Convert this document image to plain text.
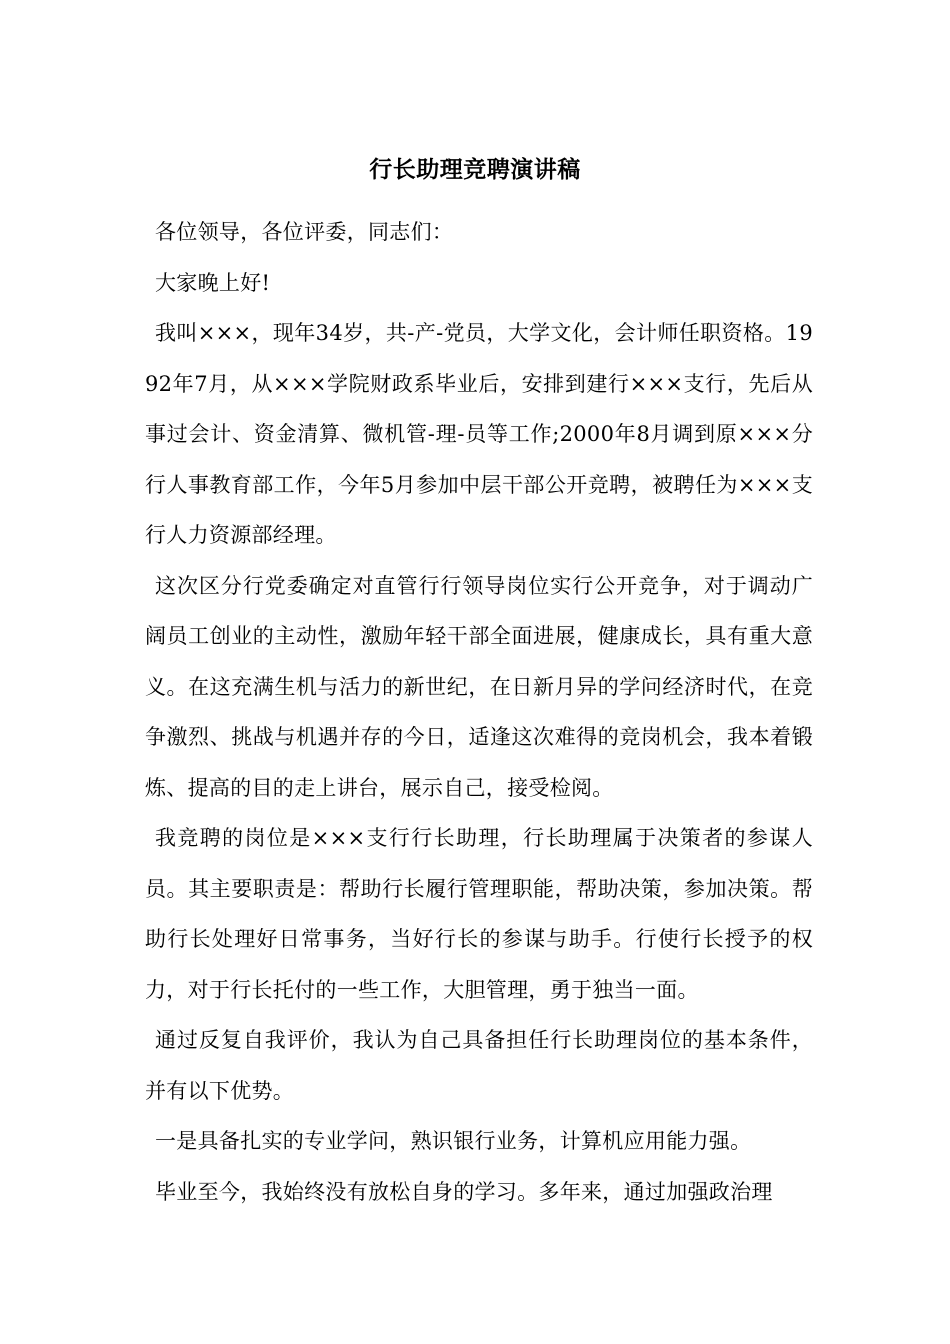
行长助理竞聘演讲稿

各位领导，各位评委，同志们：

大家晚上好!

我叫×××，现年34岁，共-产-党员，大学文化，会计师任职资格。1992年7月，从×××学院财政系毕业后，安排到建行×××支行，先后从事过会计、资金清算、微机管-理-员等工作;2000年8月调到原×××分行人事教育部工作，今年5月参加中层干部公开竞聘，被聘任为×××支行人力资源部经理。

这次区分行党委确定对直管行行领导岗位实行公开竞争，对于调动广阔员工创业的主动性，激励年轻干部全面进展，健康成长，具有重大意义。在这充满生机与活力的新世纪，在日新月异的学问经济时代，在竞争激烈、挑战与机遇并存的今日，适逢这次难得的竞岗机会，我本着锻炼、提高的目的走上讲台，展示自己，接受检阅。

我竞聘的岗位是×××支行行长助理，行长助理属于决策者的参谋人员。其主要职责是：帮助行长履行管理职能，帮助决策，参加决策。帮助行长处理好日常事务，当好行长的参谋与助手。行使行长授予的权力，对于行长托付的一些工作，大胆管理，勇于独当一面。

通过反复自我评价，我认为自己具备担任行长助理岗位的基本条件，并有以下优势。

一是具备扎实的专业学问，熟识银行业务，计算机应用能力强。

毕业至今，我始终没有放松自身的学习。多年来，通过加强政治理
